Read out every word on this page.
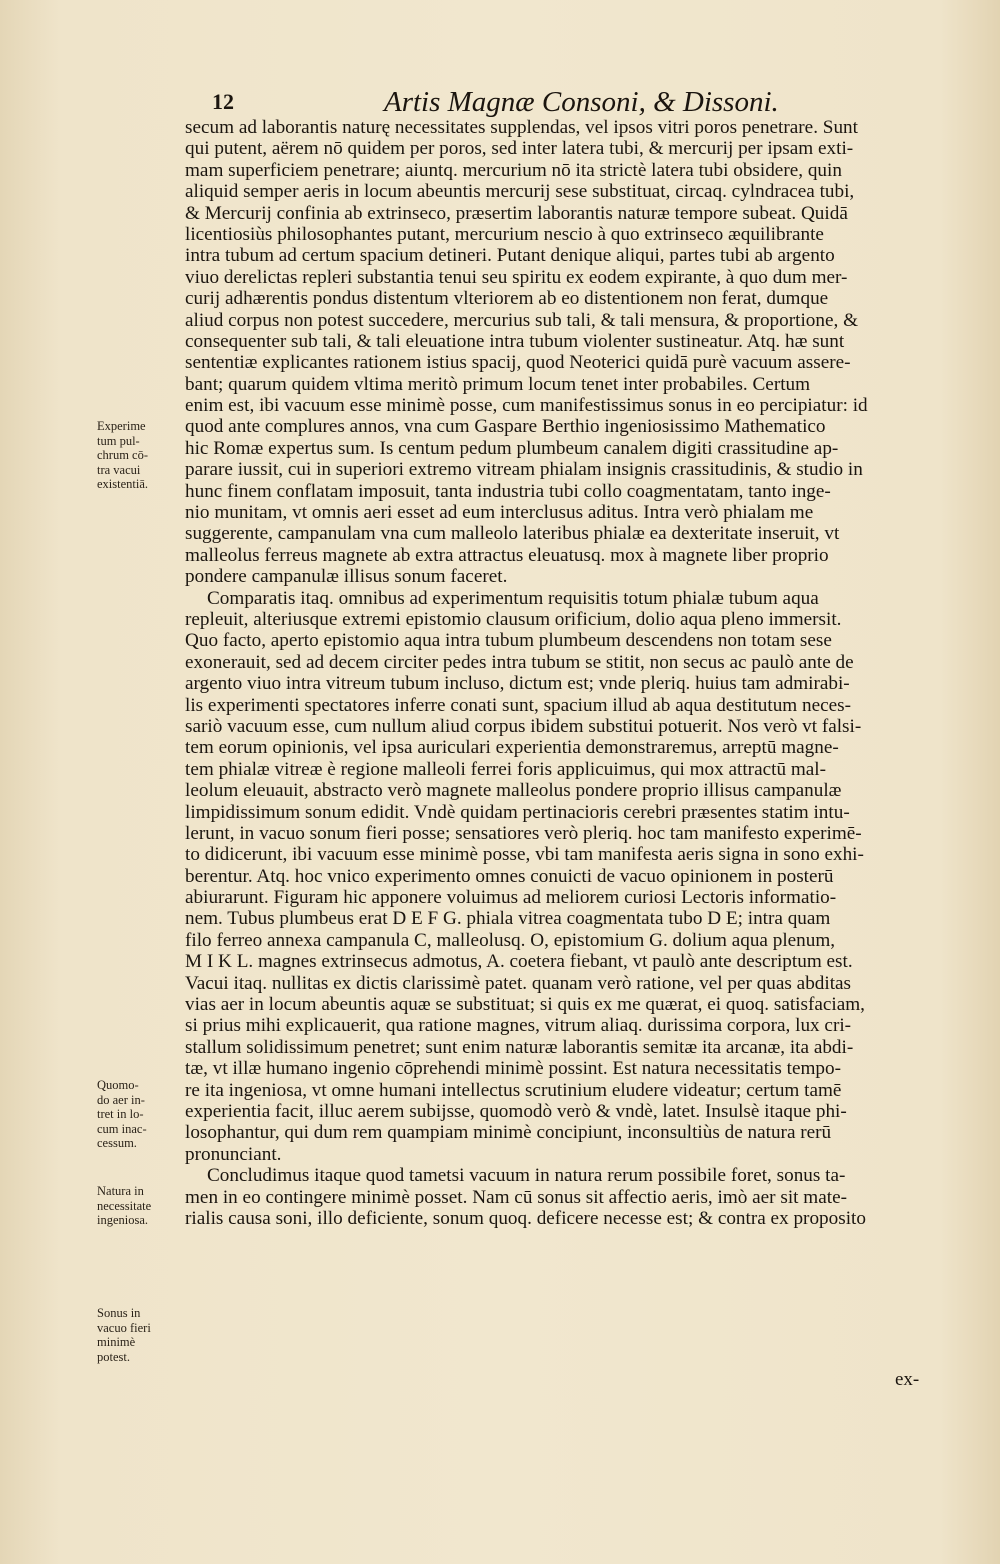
12	Artis Magnæ Consoni, & Dissoni.
secum ad laborantis naturę necessitates supplendas, vel ipsos vitri poros penetrare. Sunt
qui putent, aërem nō quidem per poros, sed inter latera tubi, & mercurij per ipsam exti-
mam superficiem penetrare; aiuntq. mercurium nō ita strictè latera tubi obsidere, quin
aliquid semper aeris in locum abeuntis mercurij sese substituat, circaq. cylndracea tubi,
& Mercurij confinia ab extrinseco, præsertim laborantis naturæ tempore subeat. Quidā
licentiosiùs philosophantes putant, mercurium nescio à quo extrinseco æquilibrante
intra tubum ad certum spacium detineri. Putant denique aliqui, partes tubi ab argento
viuo derelictas repleri substantia tenui seu spiritu ex eodem expirante, à quo dum mer-
curij adhærentis pondus distentum vlteriorem ab eo distentionem non ferat, dumque
aliud corpus non potest succedere, mercurius sub tali, & tali mensura, & proportione, &
consequenter sub tali, & tali eleuatione intra tubum violenter sustineatur. Atq. hæ sunt
sententiæ explicantes rationem istius spacij, quod Neoterici quidā purè vacuum assere-
bant; quarum quidem vltima meritò primum locum tenet inter probabiles. Certum
enim est, ibi vacuum esse minimè posse, cum manifestissimus sonus in eo percipiatur: id
quod ante complures annos, vna cum Gaspare Berthio ingeniosissimo Mathematico
hic Romæ expertus sum. Is centum pedum plumbeum canalem digiti crassitudine ap-
parare iussit, cui in superiori extremo vitream phialam insignis crassitudinis, & studio in
hunc finem conflatam imposuit, tanta industria tubi collo coagmentatam, tanto inge-
nio munitam, vt omnis aeri esset ad eum interclusus aditus. Intra verò phialam me
suggerente, campanulam vna cum malleolo lateribus phialæ ea dexteritate inseruit, vt
malleolus ferreus magnete ab extra attractus eleuatusq. mox à magnete liber proprio
pondere campanulæ illisus sonum faceret.
Comparatis itaq. omnibus ad experimentum requisitis totum phialæ tubum aqua
repleuit, alteriusque extremi epistomio clausum orificium, dolio aqua pleno immersit.
Quo facto, aperto epistomio aqua intra tubum plumbeum descendens non totam sese
exonerauit, sed ad decem circiter pedes intra tubum se stitit, non secus ac paulò ante de
argento viuo intra vitreum tubum incluso, dictum est; vnde pleriq. huius tam admirabi-
lis experimenti spectatores inferre conati sunt, spacium illud ab aqua destitutum neces-
sariò vacuum esse, cum nullum aliud corpus ibidem substitui potuerit. Nos verò vt falsi-
tem eorum opinionis, vel ipsa auriculari experientia demonstraremus, arreptū magne-
tem phialæ vitreæ è regione malleoli ferrei foris applicuimus, qui mox attractū mal-
leolum eleuauit, abstracto verò magnete malleolus pondere proprio illisus campanulæ
limpidissimum sonum edidit. Vndè quidam pertinacioris cerebri præsentes statim intu-
lerunt, in vacuo sonum fieri posse; sensatiores verò pleriq. hoc tam manifesto experimē-
to didicerunt, ibi vacuum esse minimè posse, vbi tam manifesta aeris signa in sono exhi-
berentur. Atq. hoc vnico experimento omnes conuicti de vacuo opinionem in posterū
abiurarunt. Figuram hic apponere voluimus ad meliorem curiosi Lectoris informatio-
nem. Tubus plumbeus erat D E F G. phiala vitrea coagmentata tubo D E; intra quam
filo ferreo annexa campanula C, malleolusq. O, epistomium G. dolium aqua plenum,
M I K L. magnes extrinsecus admotus, A. coetera fiebant, vt paulò ante descriptum est.
Vacui itaq. nullitas ex dictis clarissimè patet. quanam verò ratione, vel per quas abditas
vias aer in locum abeuntis aquæ se substituat; si quis ex me quærat, ei quoq. satisfaciam,
si prius mihi explicauerit, qua ratione magnes, vitrum aliaq. durissima corpora, lux cri-
stallum solidissimum penetret; sunt enim naturæ laborantis semitæ ita arcanæ, ita abdi-
tæ, vt illæ humano ingenio cōprehendi minimè possint. Est natura necessitatis tempo-
re ita ingeniosa, vt omne humani intellectus scrutinium eludere videatur; certum tamē
experientia facit, illuc aerem subijsse, quomodò verò & vndè, latet. Insulsè itaque phi-
losophantur, qui dum rem quampiam minimè concipiunt, inconsultiùs de natura rerū
pronunciant.
Concludimus itaque quod tametsi vacuum in natura rerum possibile foret, sonus ta-
men in eo contingere minimè posset. Nam cū sonus sit affectio aeris, imò aer sit mate-
rialis causa soni, illo deficiente, sonum quoq. deficere necesse est; & contra ex proposito
Experime
tum pul-
chrum cō-
tra vacui
existentiā.
Quomo-
do aer in-
tret in lo-
cum inac-
cessum.
Natura in
necessitate
ingeniosa.
Sonus in
vacuo fieri
minimè
potest.
ex-
